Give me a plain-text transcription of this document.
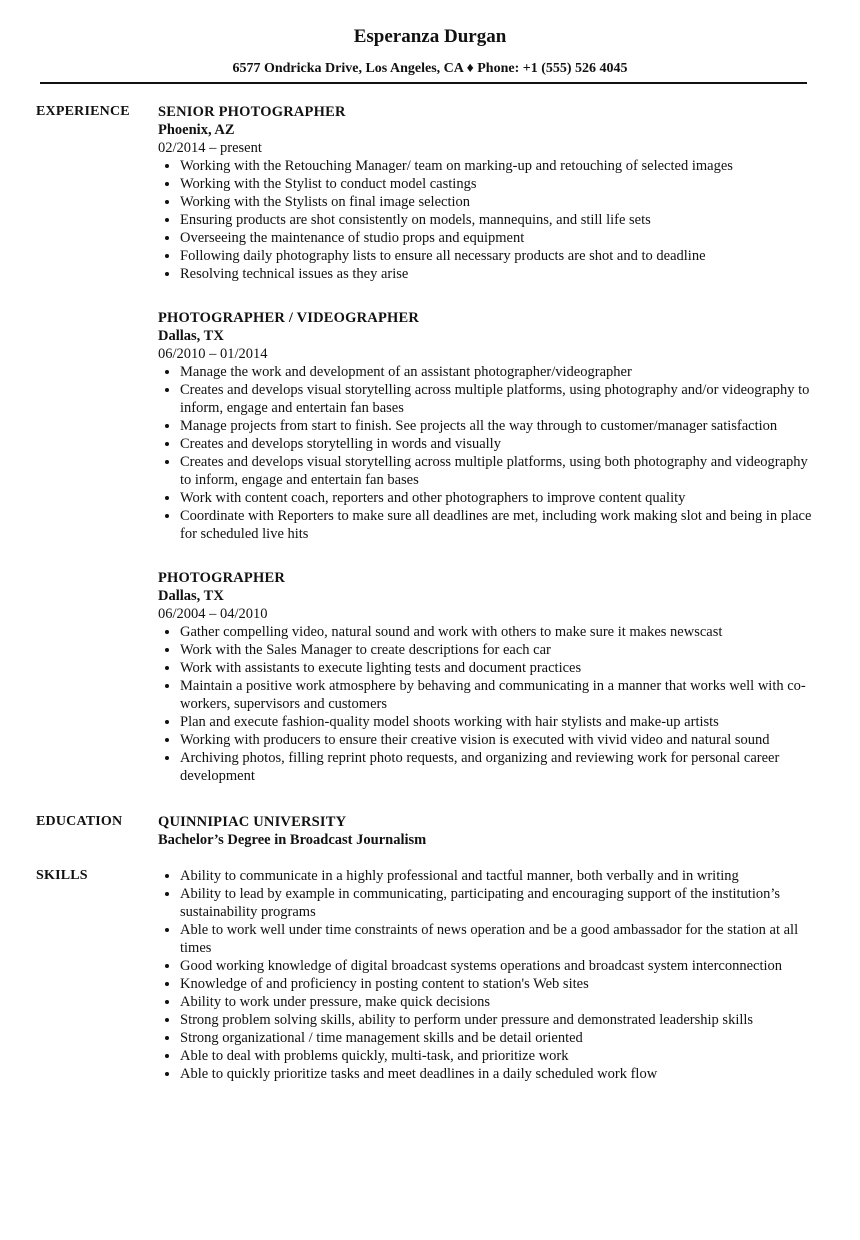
Esperanza Durgan
6577 Ondricka Drive, Los Angeles, CA ♦ Phone: +1 (555) 526 4045
EXPERIENCE SENIOR PHOTOGRAPHER
Phoenix, AZ
02/2014 – present
• Working with the Retouching Manager/ team on marking-up and retouching of selected images
• Working with the Stylist to conduct model castings
• Working with the Stylists on final image selection
• Ensuring products are shot consistently on models, mannequins, and still life sets
• Overseeing the maintenance of studio props and equipment
• Following daily photography lists to ensure all necessary products are shot and to deadline
• Resolving technical issues as they arise
PHOTOGRAPHER / VIDEOGRAPHER
Dallas, TX
06/2010 – 01/2014
• Manage the work and development of an assistant photographer/videographer
• Creates and develops visual storytelling across multiple platforms, using photography and/or videography to inform, engage and entertain fan bases
• Manage projects from start to finish. See projects all the way through to customer/manager satisfaction
• Creates and develops storytelling in words and visually
• Creates and develops visual storytelling across multiple platforms, using both photography and videography to inform, engage and entertain fan bases
• Work with content coach, reporters and other photographers to improve content quality
• Coordinate with Reporters to make sure all deadlines are met, including work making slot and being in place for scheduled live hits
PHOTOGRAPHER
Dallas, TX
06/2004 – 04/2010
• Gather compelling video, natural sound and work with others to make sure it makes newscast
• Work with the Sales Manager to create descriptions for each car
• Work with assistants to execute lighting tests and document practices
• Maintain a positive work atmosphere by behaving and communicating in a manner that works well with co-workers, supervisors and customers
• Plan and execute fashion-quality model shoots working with hair stylists and make-up artists
• Working with producers to ensure their creative vision is executed with vivid video and natural sound
• Archiving photos, filling reprint photo requests, and organizing and reviewing work for personal career development
EDUCATION QUINNIPIAC UNIVERSITY
Bachelor’s Degree in Broadcast Journalism
SKILLS
•	Ability to communicate in a highly professional and tactful manner, both verbally and in writing
• Ability to lead by example in communicating, participating and encouraging support of the institution’s sustainability programs
• Able to work well under time constraints of news operation and be a good ambassador for the station at all times
• Good working knowledge of digital broadcast systems operations and broadcast system interconnection
• Knowledge of and proficiency in posting content to station's Web sites
• Ability to work under pressure, make quick decisions
• Strong problem solving skills, ability to perform under pressure and demonstrated leadership skills
• Strong organizational / time management skills and be detail oriented
• Able to deal with problems quickly, multi-task, and prioritize work
• Able to quickly prioritize tasks and meet deadlines in a daily scheduled work flow
